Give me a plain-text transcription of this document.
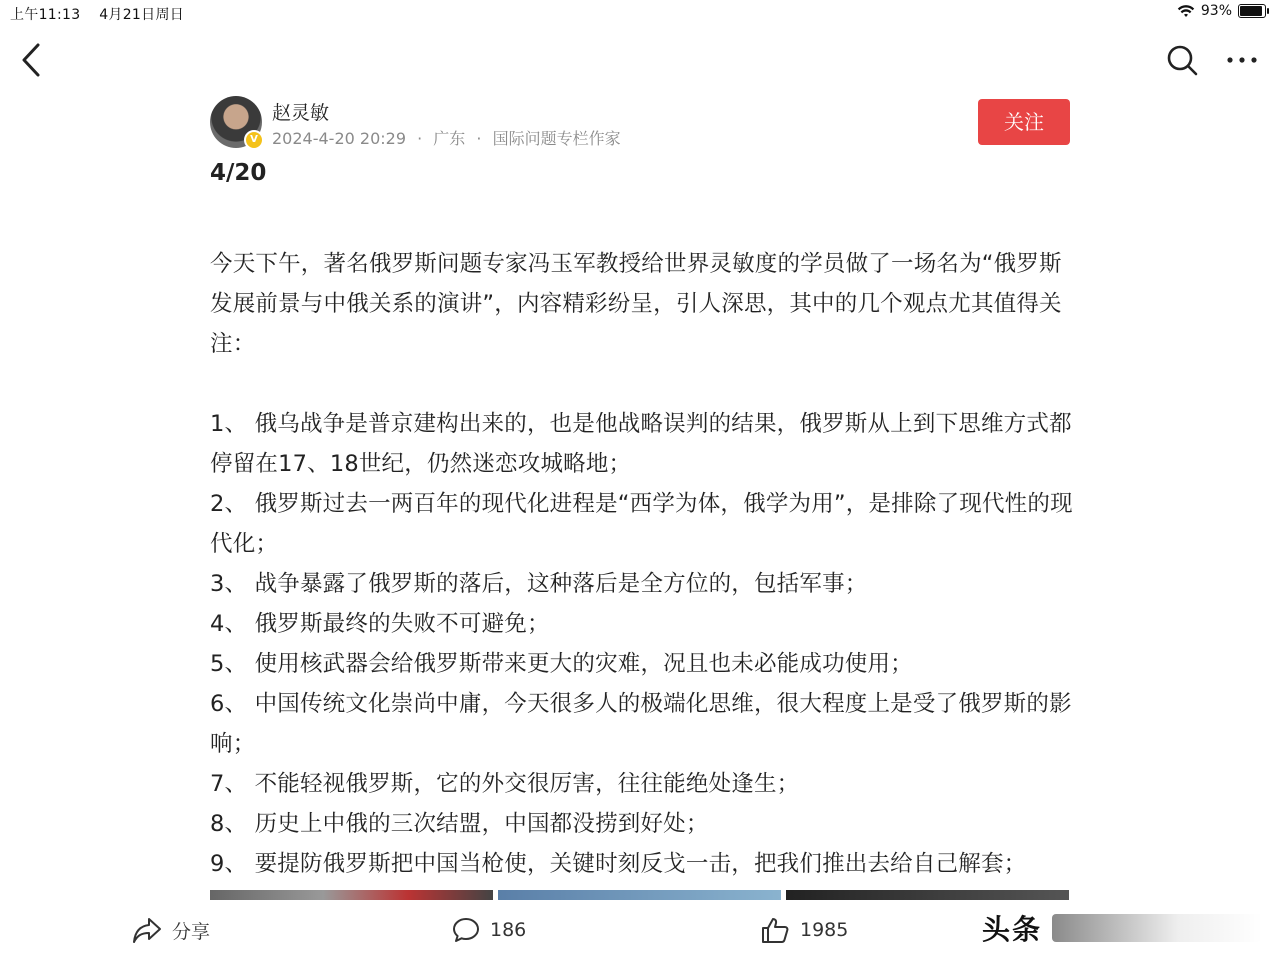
上午11:13 4月21日周日	93%
V
赵灵敏
2024-4-20 20:29 · 广东 · 国际问题专栏作家
关注
4/20

今天下午，著名俄罗斯问题专家冯玉军教授给世界灵敏度的学员做了一场名为“俄罗斯发展前景与中俄关系的演讲”，内容精彩纷呈，引人深思，其中的几个观点尤其值得关注：

1、 俄乌战争是普京建构出来的，也是他战略误判的结果，俄罗斯从上到下思维方式都停留在17、18世纪，仍然迷恋攻城略地；

2、 俄罗斯过去一两百年的现代化进程是“西学为体，俄学为用”，是排除了现代性的现代化；

3、 战争暴露了俄罗斯的落后，这种落后是全方位的，包括军事；

4、 俄罗斯最终的失败不可避免；

5、 使用核武器会给俄罗斯带来更大的灾难，况且也未必能成功使用；

6、 中国传统文化崇尚中庸，今天很多人的极端化思维，很大程度上是受了俄罗斯的影响；

7、 不能轻视俄罗斯，它的外交很厉害，往往能绝处逢生；

8、 历史上中俄的三次结盟，中国都没捞到好处；

9、 要提防俄罗斯把中国当枪使，关键时刻反戈一击，把我们推出去给自己解套；

分享	186	1985	头条
